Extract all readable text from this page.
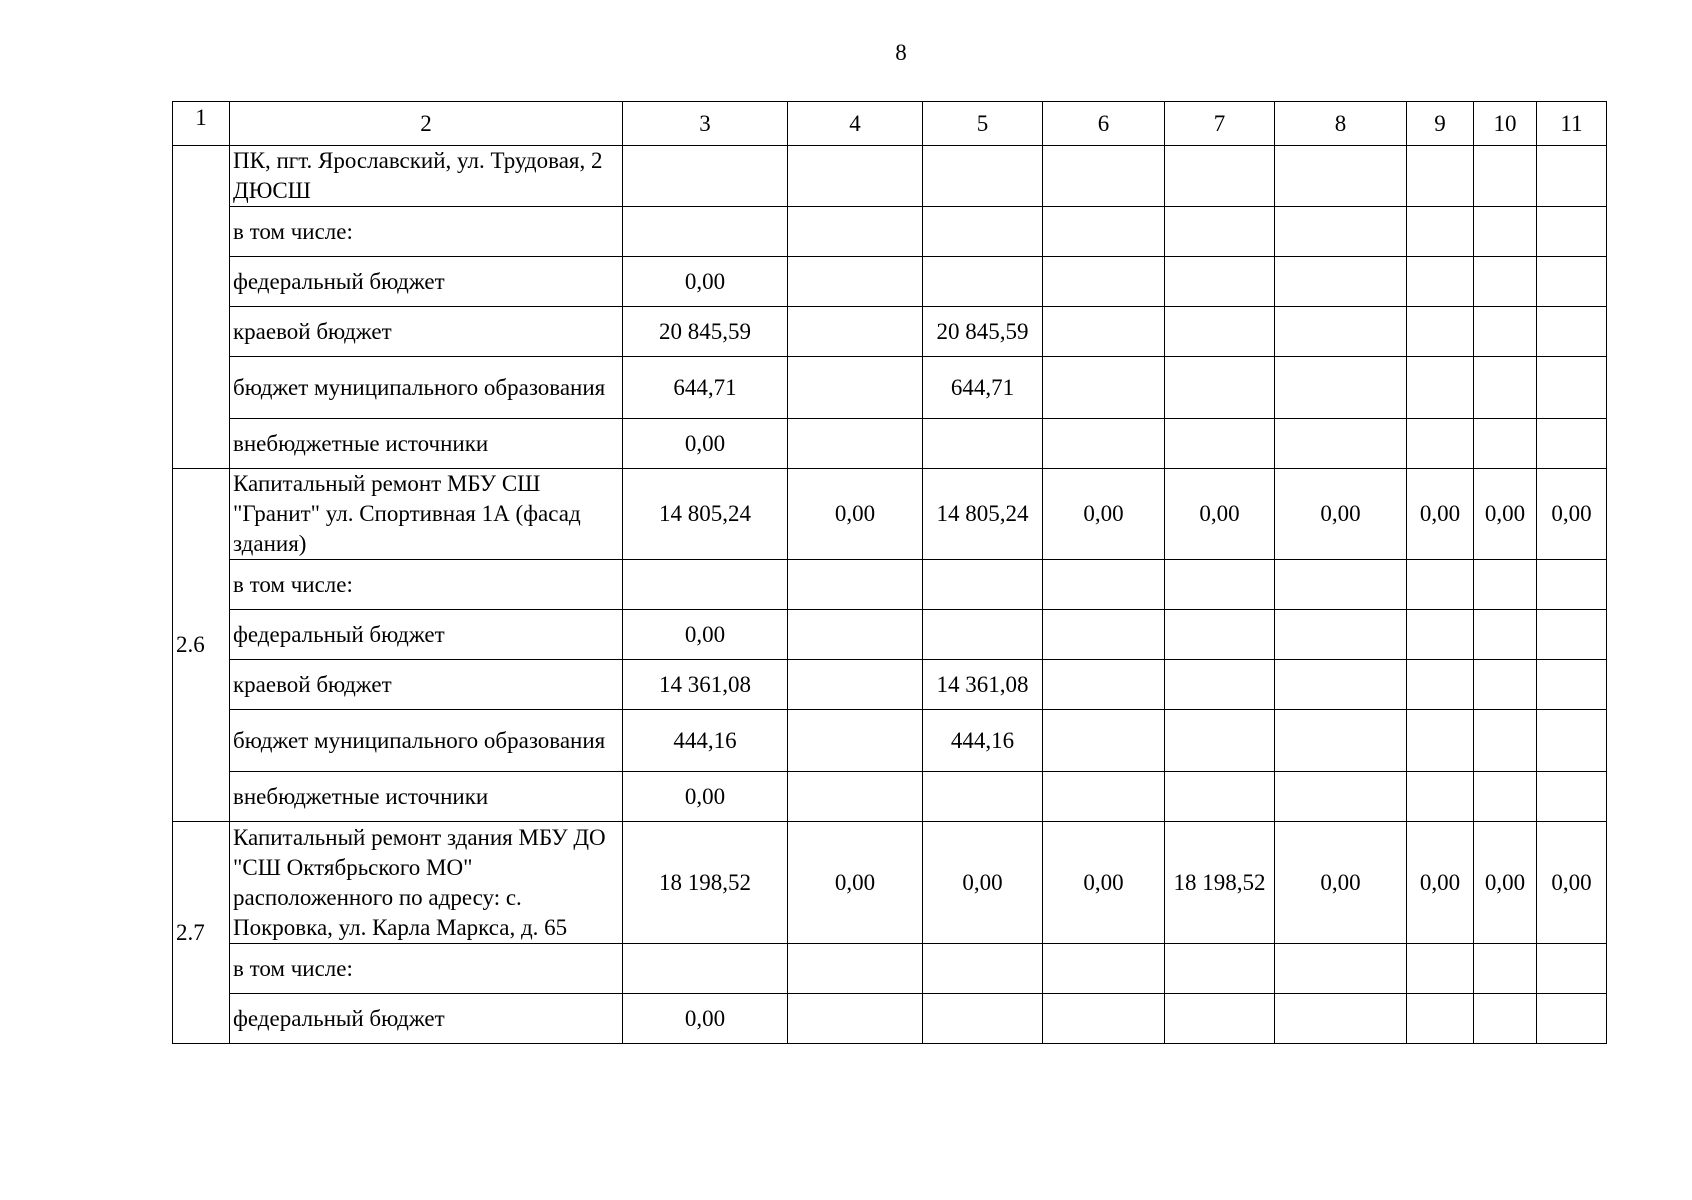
8
1	2	3	4	5	6	7	8	9	10	11
	ПК, пгт. Ярославский, ул. Трудовая, 2 ДЮСШ									
	в том числе:									
	федеральный бюджет	0,00								
	краевой бюджет	20 845,59		20 845,59						
	бюджет муниципального образования	644,71		644,71						
	внебюджетные источники	0,00								
2.6	Капитальный ремонт МБУ СШ "Гранит" ул. Спортивная 1А (фасад здания)	14 805,24	0,00	14 805,24	0,00	0,00	0,00	0,00	0,00	0,00
	в том числе:									
	федеральный бюджет	0,00								
	краевой бюджет	14 361,08		14 361,08						
	бюджет муниципального образования	444,16		444,16						
	внебюджетные источники	0,00								
2.7	Капитальный ремонт здания МБУ ДО "СШ Октябрьского МО" расположенного по адресу: с. Покровка, ул. Карла Маркса, д. 65	18 198,52	0,00	0,00	0,00	18 198,52	0,00	0,00	0,00	0,00
	в том числе:									
	федеральный бюджет	0,00								
